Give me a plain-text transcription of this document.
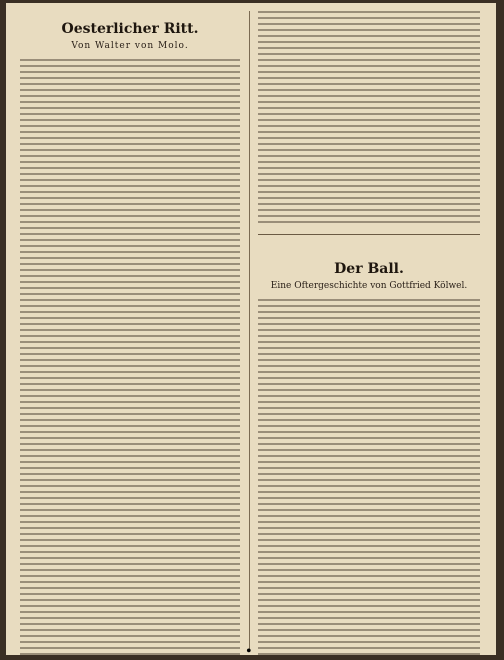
Oesterlicher Ritt.

Von Walter von Molo.

Der Ball.

Eine Oftergeschichte von Gottfried Kölwel.

•
